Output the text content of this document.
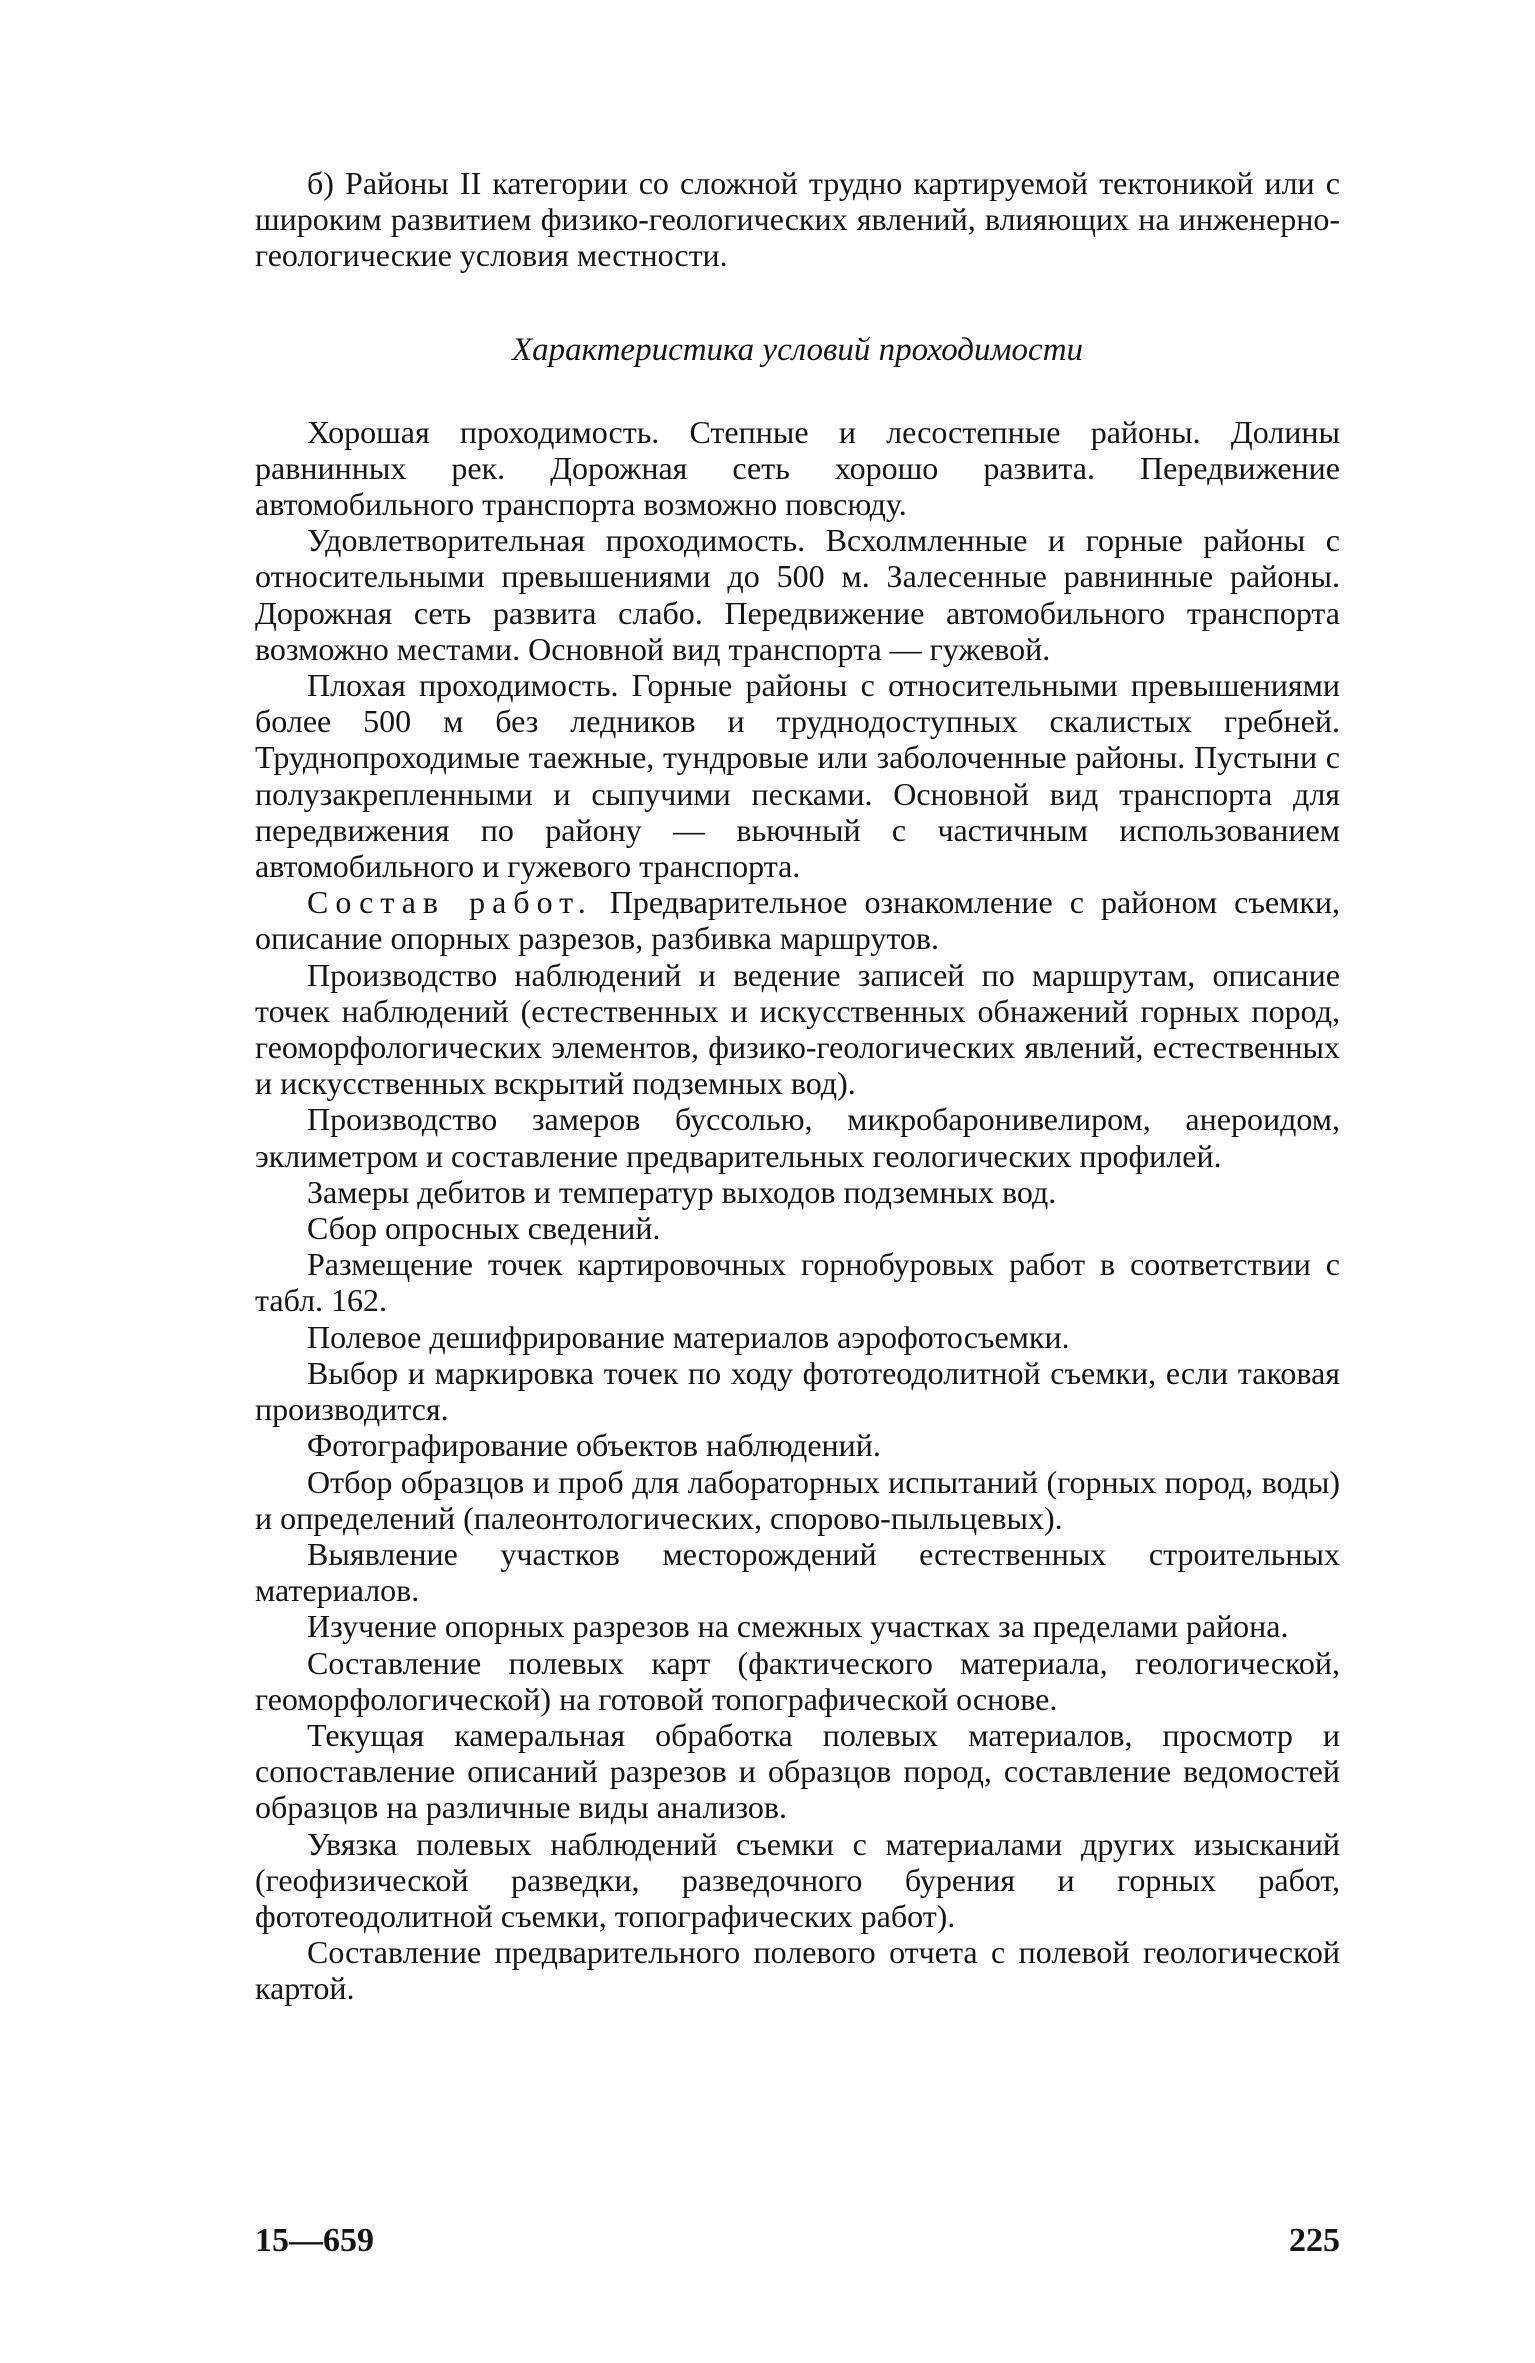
б) Районы II категории со сложной трудно картируемой тектоникой или с широким развитием физико-геологических явлений, влияющих на инженерно-геологические условия местности.

Характеристика условий проходимости

Хорошая проходимость. Степные и лесостепные районы. Долины равнинных рек. Дорожная сеть хорошо развита. Передвижение автомобильного транспорта возможно повсюду.

Удовлетворительная проходимость. Всхолмленные и горные районы с относительными превышениями до 500 м. Залесенные равнинные районы. Дорожная сеть развита слабо. Передвижение автомобильного транспорта возможно местами. Основной вид транспорта — гужевой.

Плохая проходимость. Горные районы с относительными превышениями более 500 м без ледников и труднодоступных скалистых гребней. Труднопроходимые таежные, тундровые или заболоченные районы. Пустыни с полузакрепленными и сыпучими песками. Основной вид транспорта для передвижения по району — вьючный с частичным использованием автомобильного и гужевого транспорта.

Состав работ. Предварительное ознакомление с районом съемки, описание опорных разрезов, разбивка маршрутов.

Производство наблюдений и ведение записей по маршрутам, описание точек наблюдений (естественных и искусственных обнажений горных пород, геоморфологических элементов, физико-геологических явлений, естественных и искусственных вскрытий подземных вод).

Производство замеров буссолью, микробаронивелиром, анероидом, эклиметром и составление предварительных геологических профилей.

Замеры дебитов и температур выходов подземных вод.

Сбор опросных сведений.

Размещение точек картировочных горнобуровых работ в соответствии с табл. 162.

Полевое дешифрирование материалов аэрофотосъемки.

Выбор и маркировка точек по ходу фототеодолитной съемки, если таковая производится.

Фотографирование объектов наблюдений.

Отбор образцов и проб для лабораторных испытаний (горных пород, воды) и определений (палеонтологических, спорово-пыльцевых).

Выявление участков месторождений естественных строительных материалов.

Изучение опорных разрезов на смежных участках за пределами района.

Составление полевых карт (фактического материала, геологической, геоморфологической) на готовой топографической основе.

Текущая камеральная обработка полевых материалов, просмотр и сопоставление описаний разрезов и образцов пород, составление ведомостей образцов на различные виды анализов.

Увязка полевых наблюдений съемки с материалами других изысканий (геофизической разведки, разведочного бурения и горных работ, фототеодолитной съемки, топографических работ).

Составление предварительного полевого отчета с полевой геологической картой.

15—659	225
